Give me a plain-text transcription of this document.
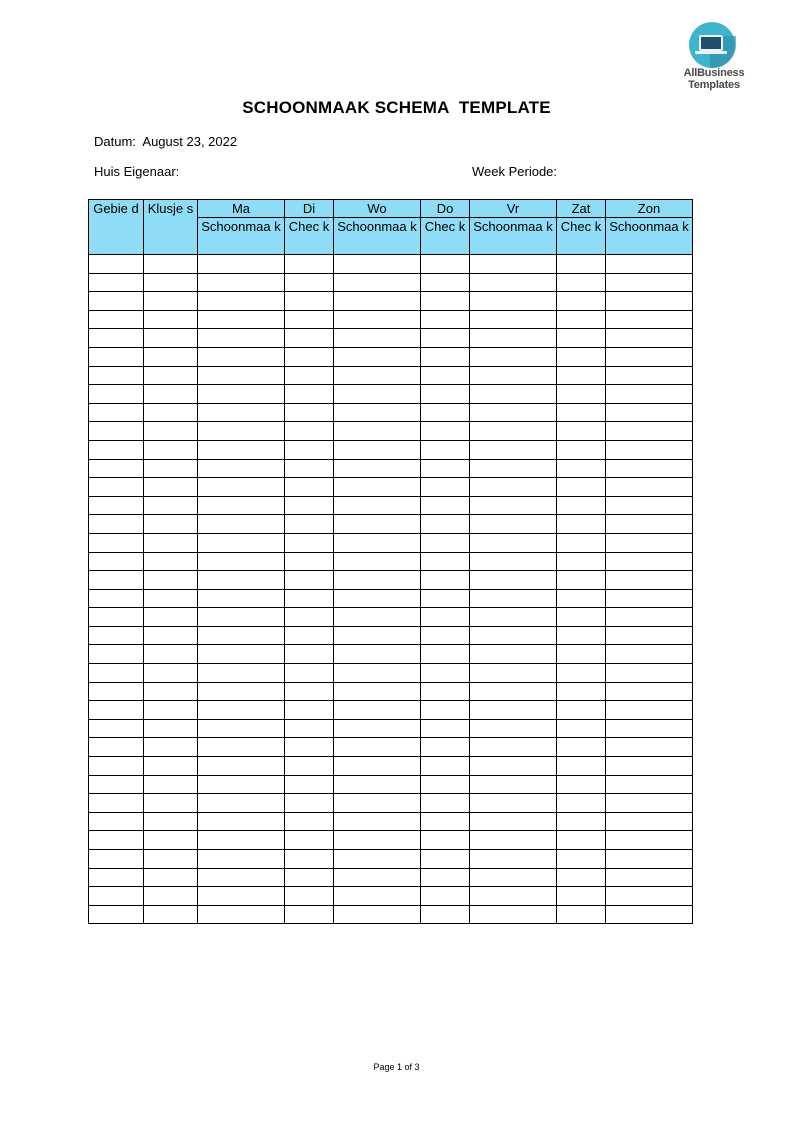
AllBusiness
Templates
SCHOONMAAK SCHEMA  TEMPLATE
Datum:  August 23, 2022
Huis Eigenaar:	Week Periode:
Gebie d	Klusje s	Ma	Di	Wo	Do	Vr	Zat	Zon
		Schoonmaa k	Chec k	Schoonmaa k	Chec k	Schoonmaa k	Chec k	Schoonmaa k

Page 1 of 3
